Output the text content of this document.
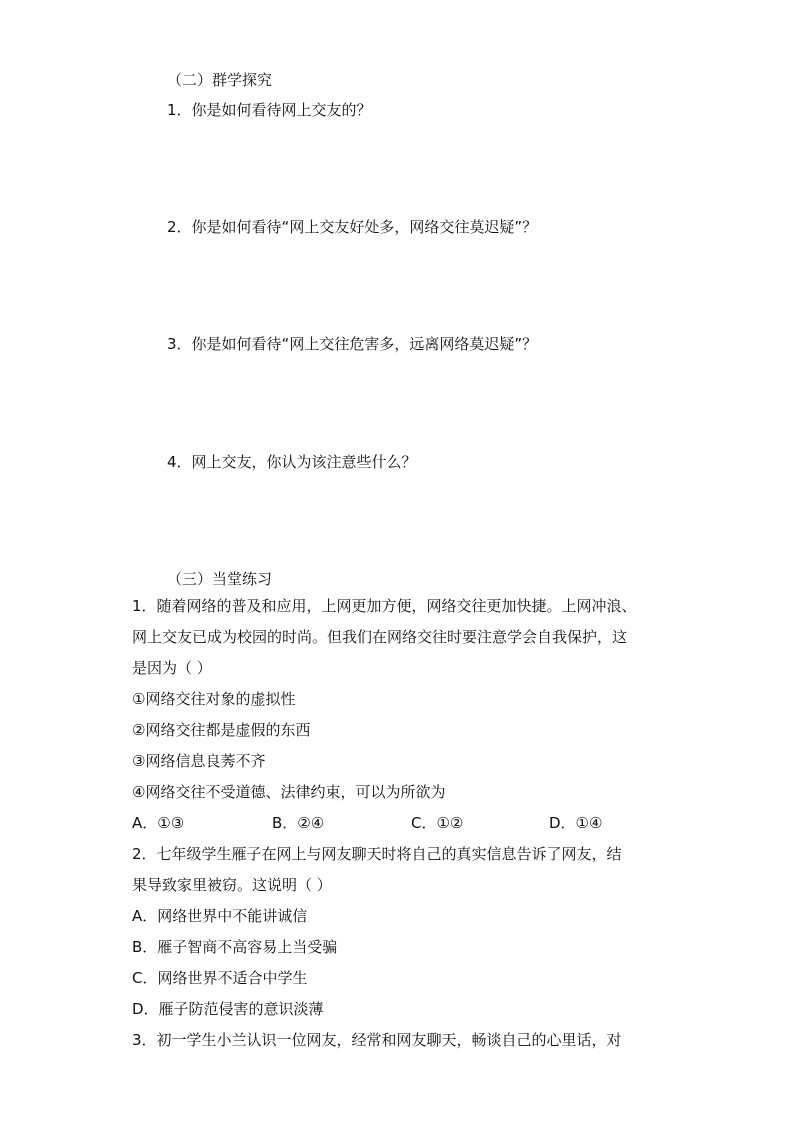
（二）群学探究
1．你是如何看待网上交友的？
2．你是如何看待“网上交友好处多，网络交往莫迟疑”？
3．你是如何看待“网上交往危害多，远离网络莫迟疑”？
4．网上交友，你认为该注意些什么？
（三）当堂练习
1．随着网络的普及和应用，上网更加方便，网络交往更加快捷。上网冲浪、
网上交友已成为校园的时尚。但我们在网络交往时要注意学会自我保护，这
是因为（ ）
①网络交往对象的虚拟性
②网络交往都是虚假的东西
③网络信息良莠不齐
④网络交往不受道德、法律约束，可以为所欲为
A．①③	B．②④	C．①②	D．①④
2．七年级学生雁子在网上与网友聊天时将自己的真实信息告诉了网友，结
果导致家里被窃。这说明（ ）
A．网络世界中不能讲诚信
B．雁子智商不高容易上当受骗
C．网络世界不适合中学生
D．雁子防范侵害的意识淡薄
3．初一学生小兰认识一位网友，经常和网友聊天，畅谈自己的心里话，对
